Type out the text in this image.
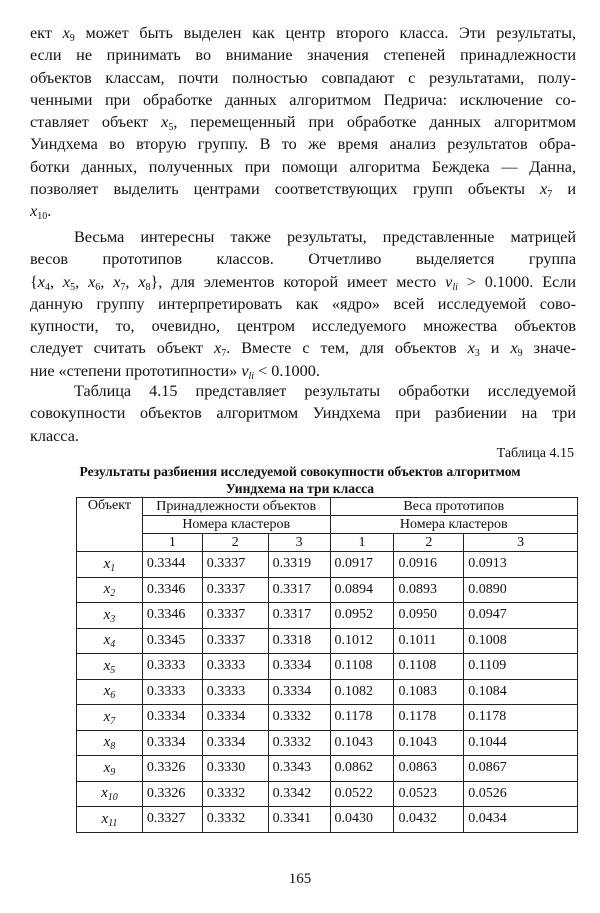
ект $x_9$ может быть выделен как центр второго класса. Эти результаты,
если не принимать во внимание значения степеней принадлежности
объектов классам, почти полностью совпадают с результатами, полу-
ченными при обработке данных алгоритмом Педрича: исключение со-
ставляет объект $x_5$, перемещенный при обработке данных алгоритмом
Уиндхема во вторую группу. В то же время анализ результатов обра-
ботки данных, полученных при помощи алгоритма Беждека — Данна,
позволяет выделить центрами соответствующих групп объекты $x_7$ и
$x_{10}$.
Весьма интересны также результаты, представленные матрицей
весов прототипов классов. Отчетливо выделяется группа
{$x_4$, $x_5$, $x_6$, $x_7$, $x_8$}, для элементов которой имеет место $\nu_{li} > 0.1000$. Если
данную группу интерпретировать как «ядро» всей исследуемой сово-
купности, то, очевидно, центром исследуемого множества объектов
следует считать объект $x_7$. Вместе с тем, для объектов $x_3$ и $x_9$ значе-
ние «степени прототипности» $\nu_{li} < 0.1000$.
Таблица 4.15 представляет результаты обработки исследуемой
совокупности объектов алгоритмом Уиндхема при разбиении на три
класса.
Таблица 4.15
Результаты разбиения исследуемой совокупности объектов алгоритмом
Уиндхема на три класса
Объект	Принадлежности объектов			Веса прототипов		
	Номера кластеров			Номера кластеров		
	1	2	3	1	2	3
$x_1$	0.3344	0.3337	0.3319	0.0917	0.0916	0.0913
$x_2$	0.3346	0.3337	0.3317	0.0894	0.0893	0.0890
$x_3$	0.3346	0.3337	0.3317	0.0952	0.0950	0.0947
$x_4$	0.3345	0.3337	0.3318	0.1012	0.1011	0.1008
$x_5$	0.3333	0.3333	0.3334	0.1108	0.1108	0.1109
$x_6$	0.3333	0.3333	0.3334	0.1082	0.1083	0.1084
$x_7$	0.3334	0.3334	0.3332	0.1178	0.1178	0.1178
$x_8$	0.3334	0.3334	0.3332	0.1043	0.1043	0.1044
$x_9$	0.3326	0.3330	0.3343	0.0862	0.0863	0.0867
$x_{10}$	0.3326	0.3332	0.3342	0.0522	0.0523	0.0526
$x_{11}$	0.3327	0.3332	0.3341	0.0430	0.0432	0.0434
165
